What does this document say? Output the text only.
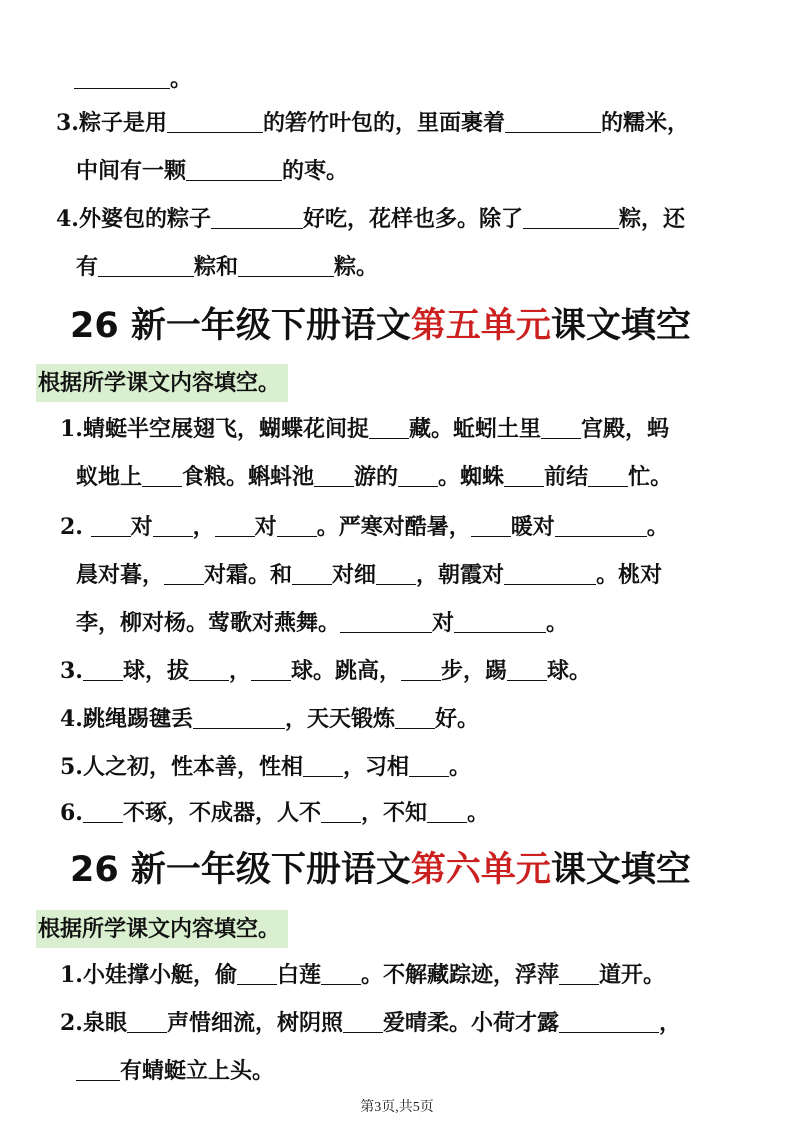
。
3.粽子是用	的箬竹叶包的，里面裹着	的糯米，
中间有一颗	的枣。
4.外婆包的粽子	好吃，花样也多。除了	粽，还
有	粽和	粽。
26 新一年级下册语文第五单元课文填空
根据所学课文内容填空。
1.蜻蜓半空展翅飞，蝴蝶花间捉 藏。蚯蚓土里 宫殿，蚂
蚁地上 食粮。蝌蚪池 游的 。蜘蛛 前结 忙。
2. 对 ， 对 。严寒对酷暑， 暖对	。
晨对暮， 对霜。和 对细 ，朝霞对	。桃对
李，柳对杨。莺歌对燕舞。	对	。
3. 球，拔 ， 球。跳高， 步，踢 球。
4.跳绳踢毽丢	，天天锻炼 好。
5.人之初，性本善，性相 ，习相 。
6. 不琢，不成器，人不 ，不知 。
26 新一年级下册语文第六单元课文填空
根据所学课文内容填空。
1.小娃撑小艇，偷 白莲 。不解藏踪迹，浮萍 道开。
2.泉眼 声惜细流，树阴照 爱晴柔。小荷才露	，
有蜻蜓立上头。
第3页,共5页
